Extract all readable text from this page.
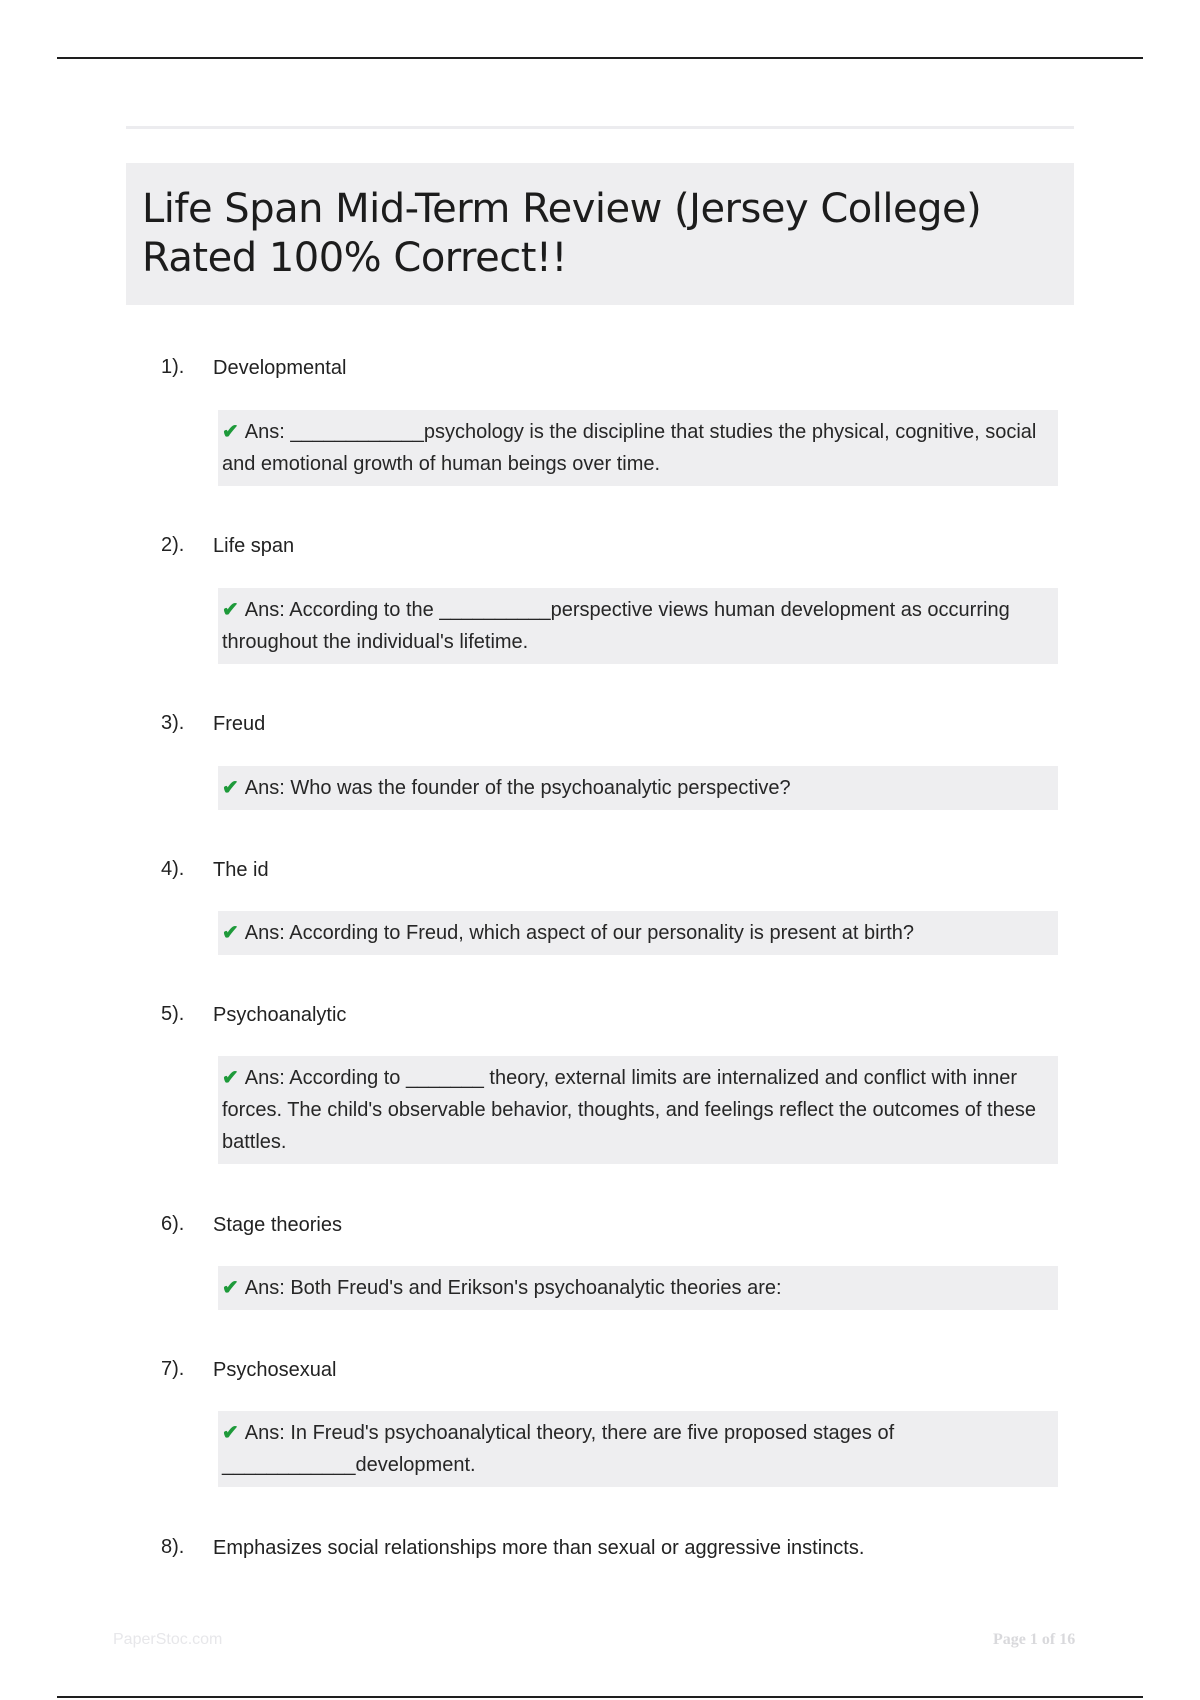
Life Span Mid-Term Review (Jersey College)
Rated 100% Correct!!
1). Developmental
✔ Ans: ____________psychology is the discipline that studies the physical, cognitive, social and emotional growth of human beings over time.
2). Life span
✔ Ans: According to the __________perspective views human development as occurring throughout the individual's lifetime.
3). Freud
✔ Ans: Who was the founder of the psychoanalytic perspective?
4). The id
✔ Ans: According to Freud, which aspect of our personality is present at birth?
5). Psychoanalytic
✔ Ans: According to _______ theory, external limits are internalized and conflict with inner forces. The child's observable behavior, thoughts, and feelings reflect the outcomes of these battles.
6). Stage theories
✔ Ans: Both Freud's and Erikson's psychoanalytic theories are:
7). Psychosexual
✔ Ans: In Freud's psychoanalytical theory, there are five proposed stages of ____________development.
8). Emphasizes social relationships more than sexual or aggressive instincts.
PaperStoc.com	Page 1 of 16
